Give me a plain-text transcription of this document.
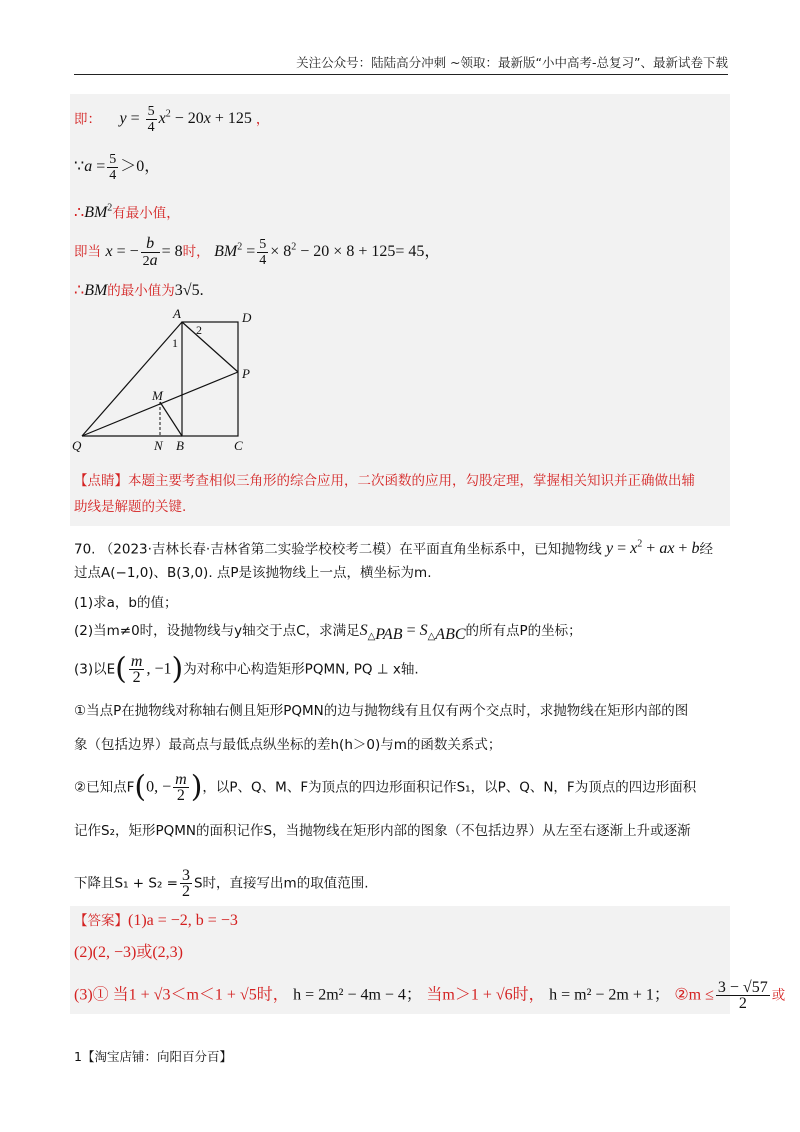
关注公众号：陆陆高分冲刺 ~领取：最新版“小中高考-总复习”、最新试卷下载
即： $y = \frac{5}{4} x^2 - 20x + 125$ ，
∵a = $\frac{5}{4} >0$，
$\therefore BM^2$有最小值，
即当 x = − $\frac{b}{2a} = 8$时， $BM^2 = \frac{5}{4} \times 8^2 - 20 \times 8 + 125= 45$，
∴BM的最小值为3√5.
A	D
P
M
Q	N B	C
1
2
【点睛】本题主要考查相似三角形的综合应用，二次函数的应用，勾股定理，掌握相关知识并正确做出辅
助线是解题的关键.
70. （2023·吉林长春·吉林省第二实验学校校考二模）在平面直角坐标系中，已知抛物线 $y = x^2$ + ax + b经
过点A(−1,0)、B(3,0). 点P是该抛物线上一点，横坐标为m.
(1)求a，b的值；
(2)当m≠0时，设抛物线与y轴交于点C，求满足$S_{\triangle PAB} = S_{\triangle ABC}$的所有点P的坐标；
(3)以$E( \frac{m}{2}$ , −1)为对称中心构造矩形PQMN, PQ ⊥ x轴.
①当点P在抛物线对称轴右侧且矩形PQMN的边与抛物线有且仅有两个交点时，求抛物线在矩形内部的图
象（包括边界）最高点与最低点纵坐标的差h(h＞0)与m的函数关系式；
②已知点F(0, − $\frac{m}{2}$ )，以P、Q、M、F为顶点的四边形面积记作S₁，以P、Q、N，F为顶点的四边形面积
记作S₂，矩形PQMN的面积记作S，当抛物线在矩形内部的图象（不包括边界）从左至右逐渐上升或逐渐
下降且$S_1 + S_2 = \frac{3}{2}$ S时，直接写出m的取值范围.
【答案】(1)a = −2, b = −3
(2)(2, −3)或(2,3)
(3)① 当1 + √3＜m＜1 + √5时， h = 2m² − 4m − 4； 当m＞1 + √6时， h = m² − 2m + 1； ②m ≤ $\frac{3 - √57}{2}$ 或
1【淘宝店铺：向阳百分百】
